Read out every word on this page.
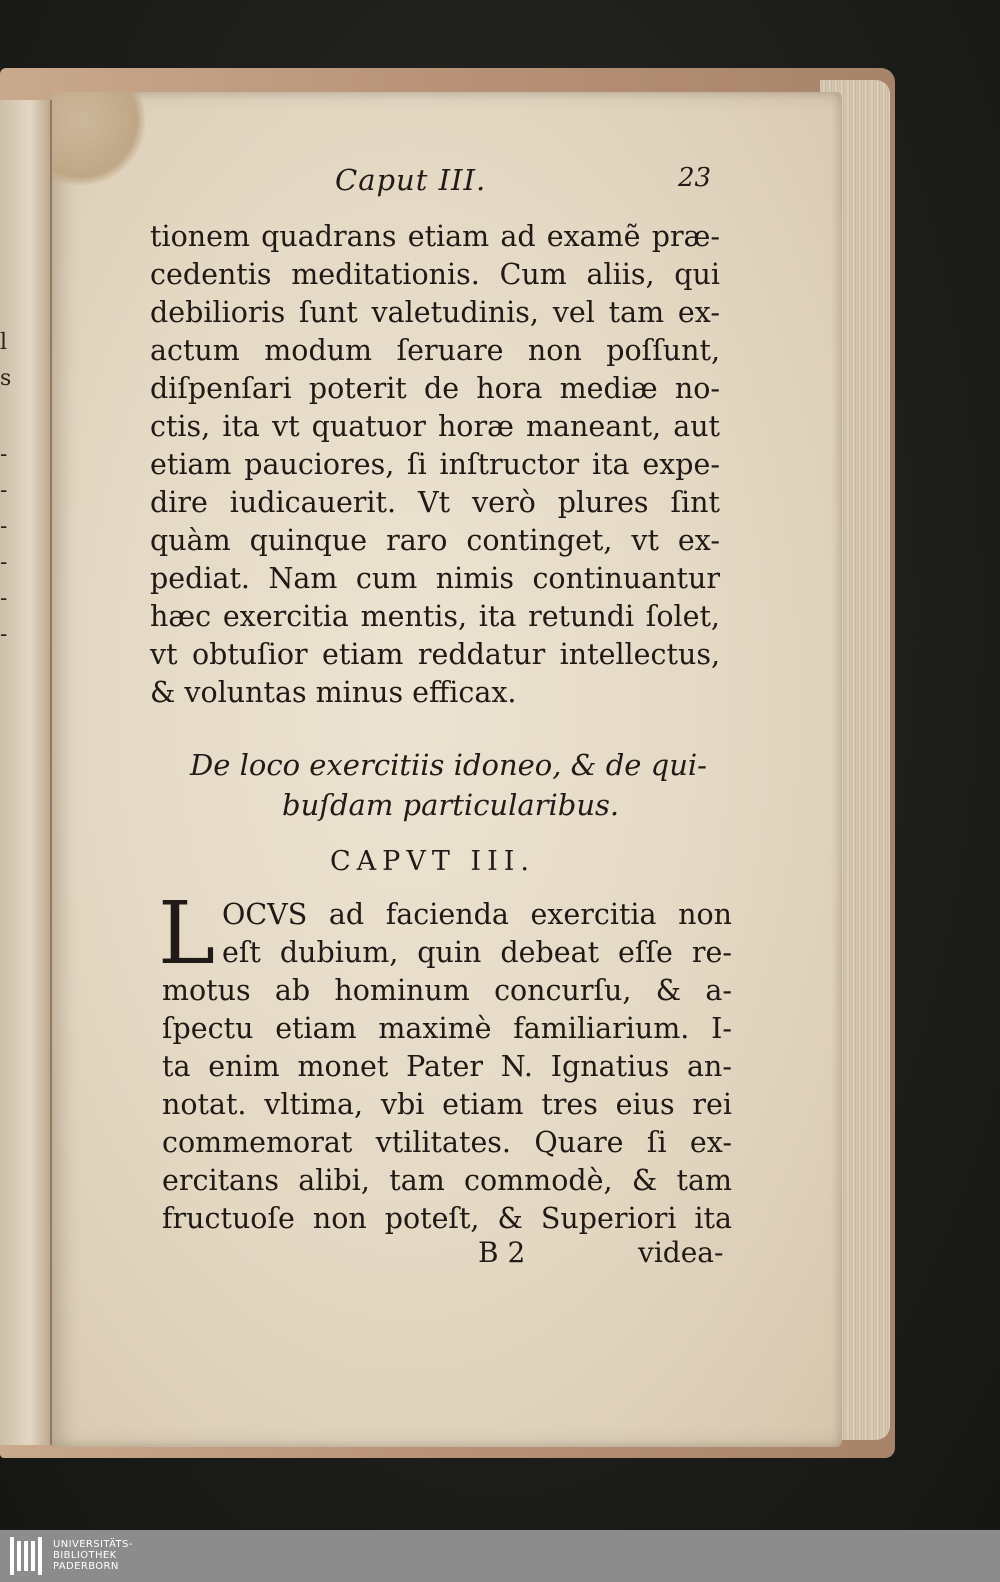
l
s
-
-
-
-
-
-
Caput III.	23
tionem quadrans etiam ad examẽ præ-
cedentis meditationis. Cum aliis, qui
debilioris ſunt valetudinis, vel tam ex-
actum modum ſeruare non poſſunt,
diſpenſari poterit de hora mediæ no-
ctis, ita vt quatuor horæ maneant, aut
etiam pauciores, ſi inſtructor ita expe-
dire iudicauerit. Vt verò plures ſint
quàm quinque raro continget, vt ex-
pediat. Nam cum nimis continuantur
hæc exercitia mentis, ita retundi ſolet,
vt obtuſior etiam reddatur intellectus,
& voluntas minus efficax.
De loco exercitiis idoneo, & de qui-
buſdam particularibus.
CAPVT III.
L OCVS ad facienda exercitia non
eſt dubium, quin debeat eſſe re-
motus ab hominum concurſu, & a-
ſpectu etiam maximè familiarium. I-
ta enim monet Pater N. Ignatius an-
notat. vltima, vbi etiam tres eius rei
commemorat vtilitates. Quare ſi ex-
ercitans alibi, tam commodè, & tam
fructuoſe non poteſt, & Superiori ita
B 2	videa-
UNIVERSITÄTS-
BIBLIOTHEK
PADERBORN
